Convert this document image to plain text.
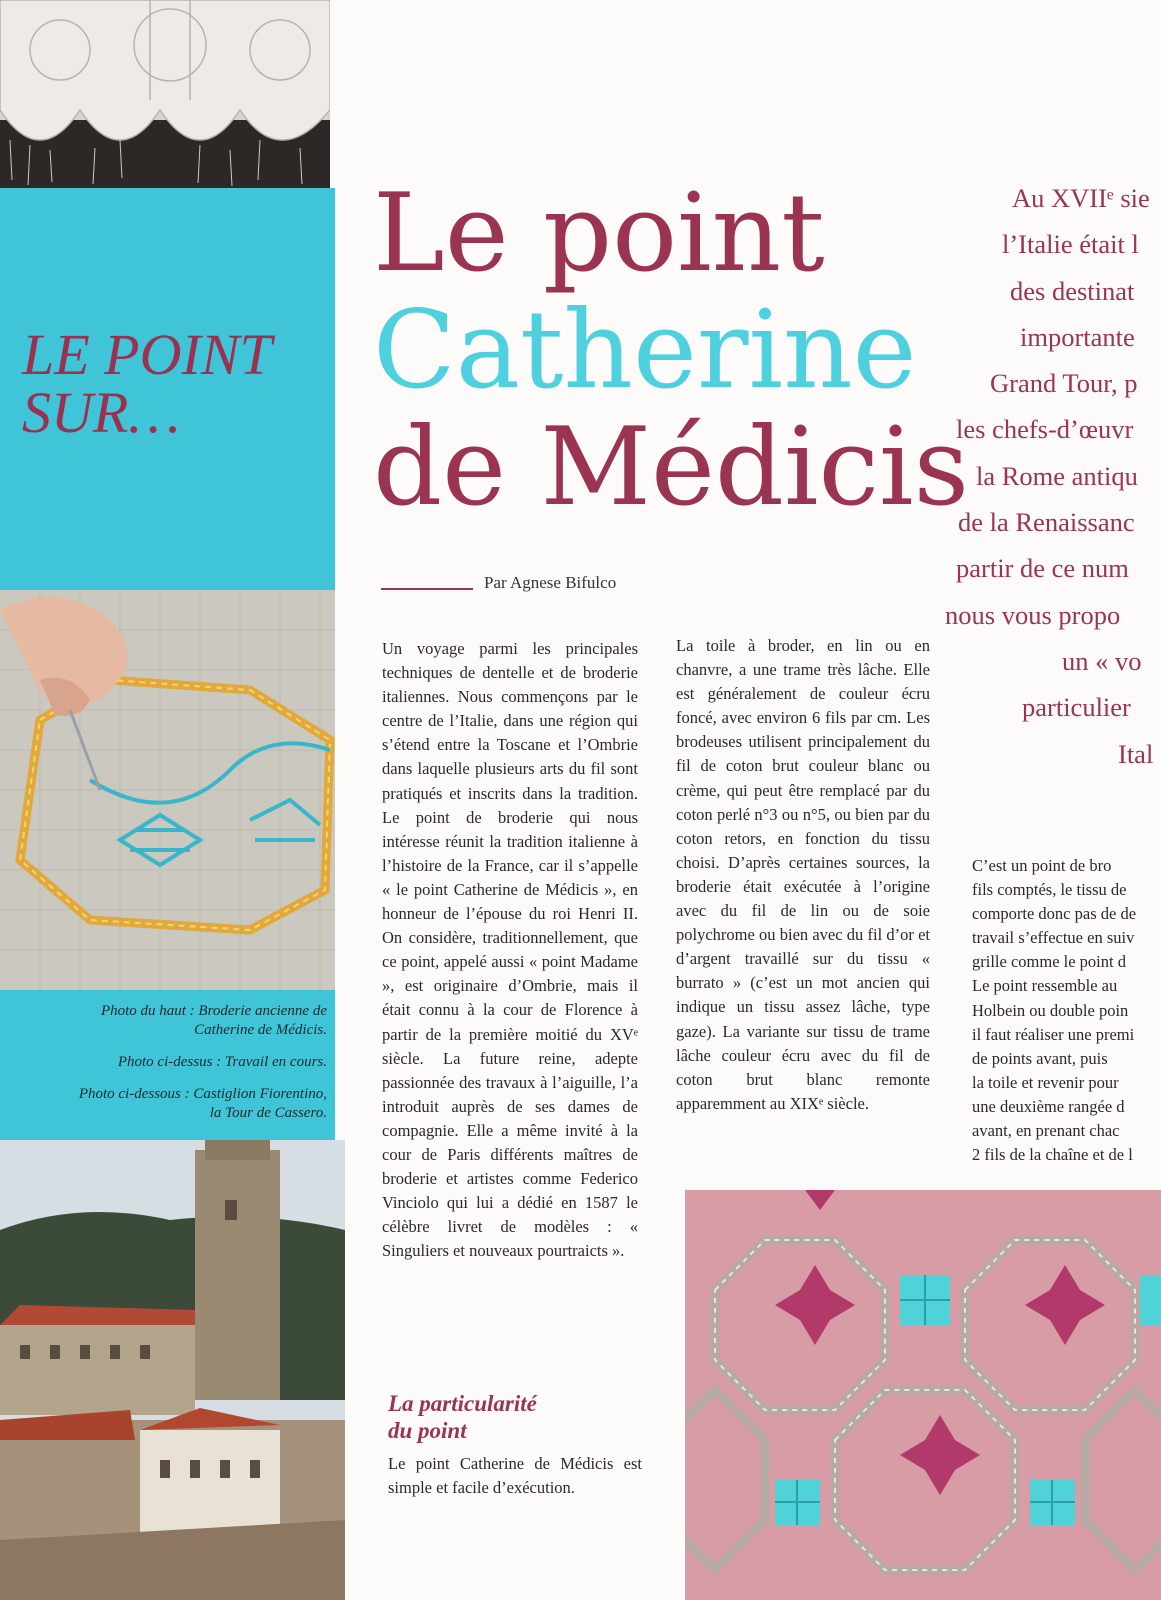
LE POINT
SUR…
Photo du haut : Broderie ancienne de
Catherine de Médicis.
Photo ci-dessus : Travail en cours.
Photo ci-dessous : Castiglion Fiorentino,
la Tour de Cassero.
Le point
Catherine
de Médicis
Par Agnese Bifulco
Au XVIIᵉ sie
l’Italie était l
des destinat
importante
Grand Tour, p
les chefs-d’œuvr
la Rome antiqu
de la Renaissanc
partir de ce num
nous vous propo
un « vo
particulier
Ital
Un voyage parmi les principales techniques de dentelle et de broderie italiennes. Nous commençons par le centre de l’Italie, dans une région qui s’étend entre la Toscane et l’Ombrie dans laquelle plusieurs arts du fil sont pratiqués et inscrits dans la tradition. Le point de broderie qui nous intéresse réunit la tradition italienne à l’histoire de la France, car il s’appelle « le point Catherine de Médicis », en honneur de l’épouse du roi Henri II. On considère, traditionnellement, que ce point, appelé aussi « point Madame », est originaire d’Ombrie, mais il était connu à la cour de Florence à partir de la première moitié du XVᵉ siècle. La future reine, adepte passionnée des travaux à l’aiguille, l’a introduit auprès de ses dames de compagnie. Elle a même invité à la cour de Paris différents maîtres de broderie et artistes comme Federico Vinciolo qui lui a dédié en 1587 le célèbre livret de modèles : « Singuliers et nouveaux pourtraicts ».
La particularité
du point
Le point Catherine de Médicis est simple et facile d’exécution.
La toile à broder, en lin ou en chanvre, a une trame très lâche. Elle est généralement de couleur écru foncé, avec environ 6 fils par cm. Les brodeuses utilisent principalement du fil de coton brut couleur blanc ou crème, qui peut être remplacé par du coton perlé n°3 ou n°5, ou bien par du coton retors, en fonction du tissu choisi. D’après certaines sources, la broderie était exécutée à l’origine avec du fil de lin ou de soie polychrome ou bien avec du fil d’or et d’argent travaillé sur du tissu « burrato » (c’est un mot ancien qui indique un tissu assez lâche, type gaze). La variante sur tissu de trame lâche couleur écru avec du fil de coton brut blanc remonte apparemment au XIXᵉ siècle.
C’est un point de bro
fils comptés, le tissu de
comporte donc pas de de
travail s’effectue en suiv
grille comme le point d
Le point ressemble au
Holbein ou double poin
il faut réaliser une premi
de points avant, puis
la toile et revenir pour
une deuxième rangée d
avant, en prenant chac
2 fils de la chaîne et de l
